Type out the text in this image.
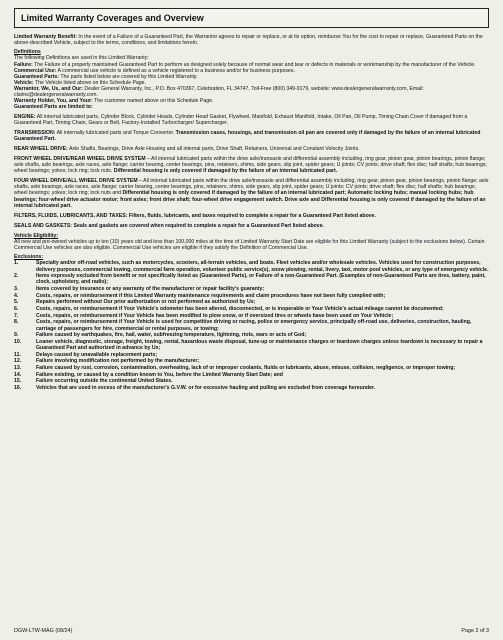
Limited Warranty Coverages and Overview

Limited Warranty Benefit: In the event of a Failure of a Guaranteed Part, the Warrantor agrees to repair or replace, or at its option, reimburse You for the cost to repair or replace, Guaranteed Parts on the above-described Vehicle, subject to the terms, conditions, and limitations herein.

Definitions
The following Definitions are used in this Limited Warranty:
Failure: The Failure of a properly maintained Guaranteed Part to perform as designed solely because of normal wear and tear or defects in materials or workmanship by the manufacturer of the Vehicle.
Commercial Use: A commercial use vehicle is defined as a vehicle registered to a business and/or for business purposes.
Guaranteed Parts: The parts listed below are covered by this Limited Warranty.
Vehicle: The Vehicle listed above on this Schedule Page.
Warrantor, We, Us, and Our: Dealer General Warranty, Inc., P.O. Box 470367, Celebration, FL 34747, Toll-Free (800) 349-9179, website: www.dealergeneralwarranty.com, Email: claims@dealergeneralwarranty.com.
Warranty Holder, You, and Your: The customer named above on this Schedule Page.
Guaranteed Parts are limited to:

ENGINE: All internal lubricated parts, Cylinder Block, Cylinder Heads, Cylinder Head Gasket, Flywheel, Manifold, Exhaust Manifold, Intake, Oil Pan, Oil Pump, Timing Chain Cover if damaged from a Guaranteed Part, Timing Chain, Gears or Belt, Factory-Installed Turbocharger/ Supercharger.

TRANSMISSION: All internally lubricated parts and Torque Converter. Transmission cases, housings, and transmission oil pan are covered only if damaged by the failure of an internal lubricated Guaranteed Part.

REAR WHEEL DRIVE: Axle Shafts, Bearings, Drive Axle Housing and all internal parts, Drive Shaft, Retainers, Universal and Constant Velocity Joints.

FRONT WHEEL DRIVE/REAR WHEEL DRIVE SYSTEM – All internal lubricated parts within the drive axle/transaxle and differential assembly including, ring gear, pinion gear, pinion bearings, pinion flange; axle shafts, axle bearings, axle races, axle flange; carrier bearing, center bearings, pins, retainers, shims, side gears, slip joint, spider gears; U joints; CV joints; drive shaft; flex disc; half shafts; hub bearings; wheel bearings; yokes; lock ring; lock nuts. Differential housing is only covered if damaged by the failure of an internal lubricated part.

FOUR WHEEL DRIVE/ALL WHEEL DRIVE SYSTEM – All internal lubricated parts within the drive axle/transaxle and differential assembly including, ring gear, pinion gear, pinion bearings, pinion flange; axle shafts, axle bearings, axle races, axle flange; carrier bearing, center bearings, pins, retainers, shims, side gears, slip joint, spider gears; U joints; CV joints; drive shaft; flex disc; half shafts; hub bearings; wheel bearings; yokes; lock ring; lock nuts and Differential housing is only covered if damaged by the failure of an internal lubricated part; Automatic locking hubs; manual locking hubs; hub bearings; four-wheel drive actuator motor; front axles; front drive shaft; four-wheel drive engagement switch. Drive axle and Differential housing is only covered if damaged by the failure of an internal lubricated part.

FILTERS, FLUIDS, LUBRICANTS, AND TAXES: Filters, fluids, lubricants, and taxes required to complete a repair for a Guaranteed Part listed above.

SEALS AND GASKETS: Seals and gaskets are covered when required to complete a repair for a Guaranteed Part listed above.

Vehicle Eligibility:
All new and pre-owned vehicles up to ten (10) years old and less than 100,000 miles at the time of Limited Warranty Start Date are eligible for this Limited Warranty (subject to the exclusions below). Certain Commercial Use vehicles are also eligible. Commercial Use vehicles are eligible if they satisfy the Definition of Commercial Use.
Exclusions:
1.	Specialty and/or off-road vehicles, such as motorcycles, scooters, all-terrain vehicles, and boats. Fleet vehicles and/or wholesale vehicles. Vehicles used for construction purposes, delivery purposes, commercial towing, commercial farm operation, volunteer public service(s), snow plowing, rental, livery, taxi, motor pool vehicles, or any type of emergency vehicle.
2.	Items expressly excluded from benefit or not specifically listed as (Guaranteed Parts), or Failure of a non-Guaranteed Part. (Examples of non-Guaranteed Parts are tires, battery, paint, clock, upholstery, and radio);
3.	Items covered by insurance or any warranty of the manufacturer or repair facility's guaranty;
4.	Costs, repairs, or reimbursement if this Limited Warranty maintenance requirements and claim procedures have not been fully complied with;
5.	Repairs performed without Our prior authorization or not performed as authorized by Us;
6.	Costs, repairs, or reimbursement if Your Vehicle's odometer has been altered, disconnected, or is inoperable or Your Vehicle's actual mileage cannot be documented;
7.	Costs, repairs, or reimbursement if Your Vehicle has been modified to plow snow, or if oversized tires or wheels have been used on Your Vehicle;
8.	Costs, repairs, or reimbursement if Your Vehicle is used for competitive driving or racing, police or emergency service, principally off-road use, deliveries, construction, hauling, carriage of passengers for hire, commercial or rental purposes, or towing;
9.	Failure caused by earthquakes, fire, hail, water, subfreezing temperature, lightning, riots, wars or acts of God;
10.	Loaner vehicle, diagnostic, storage, freight, towing, rental, hazardous waste disposal, tune-up or maintenance charges or teardown charges unless teardown is necessary to repair a Guaranteed Part and authorized in advance by Us;
11.	Delays caused by unavailable replacement parts;
12.	Failure involving modification not performed by the manufacturer;
13.	Failure caused by rust, corrosion, contamination, overheating, lack of or improper coolants, fluids or lubricants, abuse, misuse, collision, negligence, or improper towing;
14.	Failure existing, or caused by a condition known to You, before the Limited Warranty Start Date; and
15.	Failure occurring outside the continental United States.
16.	Vehicles that are used in excess of the manufacturer's G.V.W. or for excessive hauling and pulling are excluded from coverage hereunder.
DGW-LTW-MAG (08/24)	Page 2 of 3
